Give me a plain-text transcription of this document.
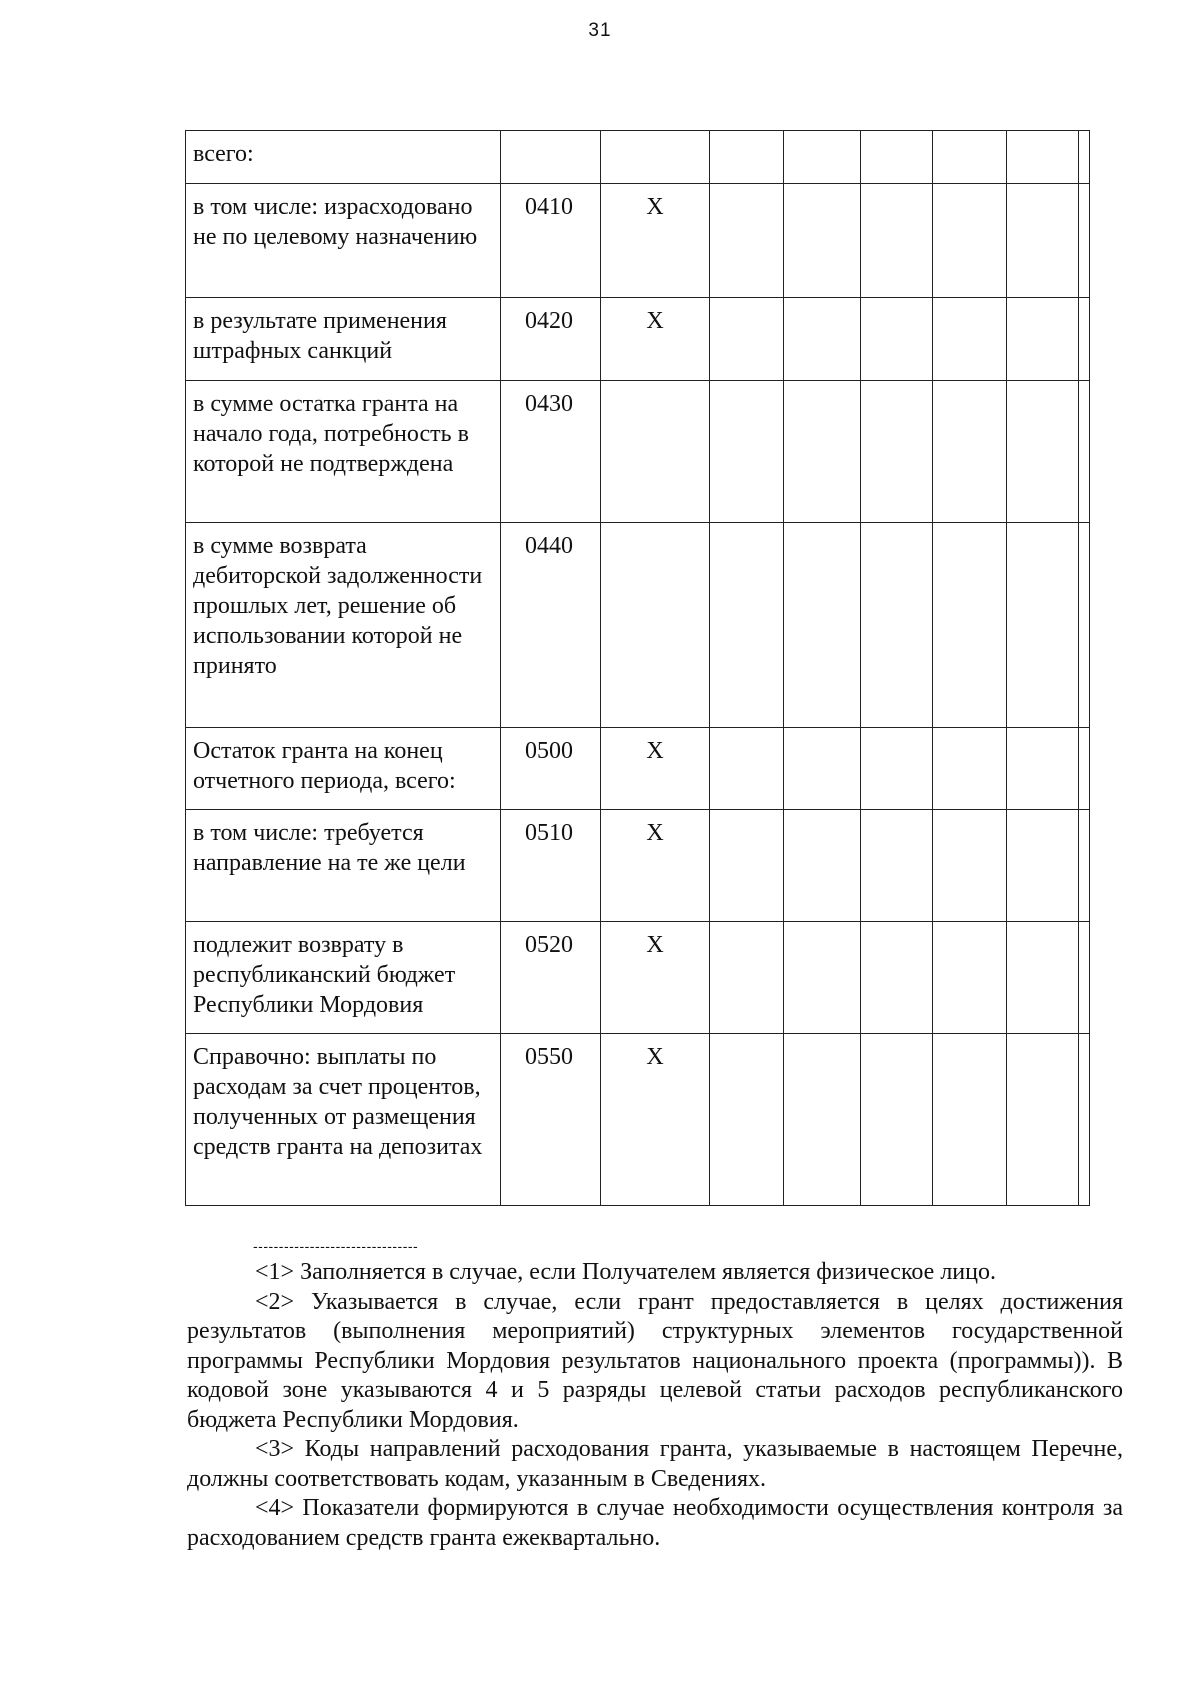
31
всего:								
в том числе: израсходовано не по целевому назначению	0410	X						
в результате применения штрафных санкций	0420	X						
в сумме остатка гранта на начало года, потребность в которой не подтверждена	0430							
в сумме возврата дебиторской задолженности прошлых лет, решение об использовании которой не принято	0440							
Остаток гранта на конец отчетного периода, всего:	0500	X						
в том числе: требуется направление на те же цели	0510	X						
подлежит возврату в республиканский бюджет Республики Мордовия	0520	X						
Справочно: выплаты по расходам за счет процентов, полученных от размещения средств гранта на депозитах	0550	X						
--------------------------------

<1> Заполняется в случае, если Получателем является физическое лицо.

<2> Указывается в случае, если грант предоставляется в целях достижения результатов (выполнения мероприятий) структурных элементов государственной программы Республики Мордовия результатов национального проекта (программы)). В кодовой зоне указываются 4 и 5 разряды целевой статьи расходов республиканского бюджета Республики Мордовия.

<3> Коды направлений расходования гранта, указываемые в настоящем Перечне, должны соответствовать кодам, указанным в Сведениях.

<4> Показатели формируются в случае необходимости осуществления контроля за расходованием средств гранта ежеквартально.
